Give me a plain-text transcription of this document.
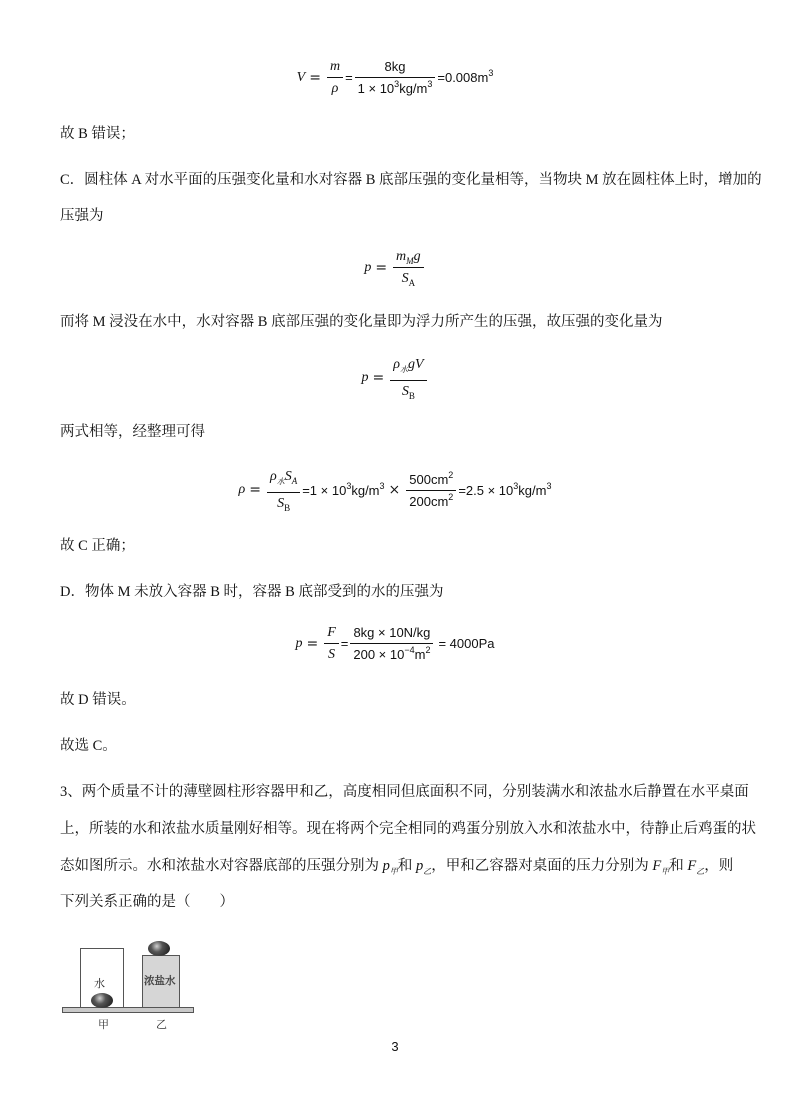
$V = \frac{m}{\rho} = \frac{8kg}{1 \times 10^3kg/m^3} =0.008m^3$
故 B 错误；
C．圆柱体 A 对水平面的压强变化量和水对容器 B 底部压强的变化量相等，当物块 M 放在圆柱体上时，增加的
压强为
$p = \frac{m_Mg}{S_A}$
而将 M 浸没在水中，水对容器 B 底部压强的变化量即为浮力所产生的压强，故压强的变化量为
$p = \frac{\rho_水gV}{S_B}$
两式相等，经整理可得
$\rho = \frac{\rho_水S_A}{S_B} =1 \times 10^3kg/m^3 \times \frac{500cm^2}{200cm^2} =2.5 \times 10^3kg/m^3$
故 C 正确；
D．物体 M 未放入容器 B 时，容器 B 底部受到的水的压强为
$p = \frac{F}{S} = \frac{8kg \times 10N/kg}{200 \times 10^{-4}m^2} = 4000Pa$
故 D 错误。
故选 C。
3、两个质量不计的薄壁圆柱形容器甲和乙，高度相同但底面积不同，分别装满水和浓盐水后静置在水平桌面
上，所装的水和浓盐水质量刚好相等。现在将两个完全相同的鸡蛋分别放入水和浓盐水中，待静止后鸡蛋的状
态如图所示。水和浓盐水对容器底部的压强分别为 $p_甲$和 $p_乙$，甲和乙容器对桌面的压力分别为 $F_甲$和 $F_乙$，则
下列关系正确的是（　　）
水	浓盐水
甲	乙
3
